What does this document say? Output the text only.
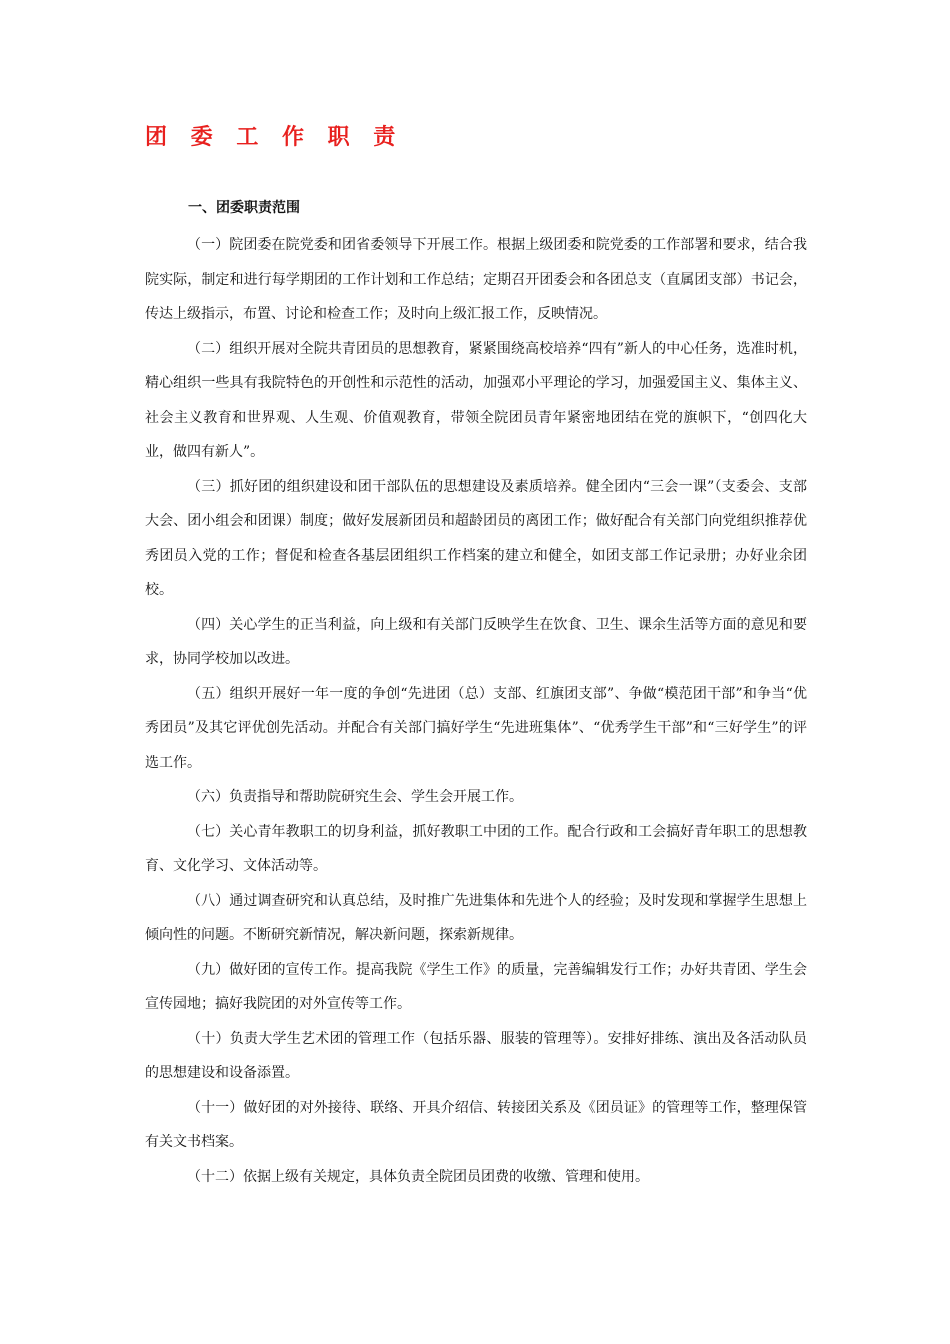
团 委 工 作 职 责
一、团委职责范围

（一）院团委在院党委和团省委领导下开展工作。根据上级团委和院党委的工作部署和要求，结合我院实际，制定和进行每学期团的工作计划和工作总结；定期召开团委会和各团总支（直属团支部）书记会，传达上级指示，布置、讨论和检查工作；及时向上级汇报工作，反映情况。

（二）组织开展对全院共青团员的思想教育，紧紧围绕高校培养“四有”新人的中心任务，选准时机，精心组织一些具有我院特色的开创性和示范性的活动，加强邓小平理论的学习，加强爱国主义、集体主义、社会主义教育和世界观、人生观、价值观教育，带领全院团员青年紧密地团结在党的旗帜下，“创四化大业，做四有新人”。

（三）抓好团的组织建设和团干部队伍的思想建设及素质培养。健全团内“三会一课”（支委会、支部大会、团小组会和团课）制度；做好发展新团员和超龄团员的离团工作；做好配合有关部门向党组织推荐优秀团员入党的工作；督促和检查各基层团组织工作档案的建立和健全，如团支部工作记录册；办好业余团校。

（四）关心学生的正当利益，向上级和有关部门反映学生在饮食、卫生、课余生活等方面的意见和要求，协同学校加以改进。

（五）组织开展好一年一度的争创“先进团（总）支部、红旗团支部”、争做“模范团干部”和争当“优秀团员”及其它评优创先活动。并配合有关部门搞好学生“先进班集体”、“优秀学生干部”和“三好学生”的评选工作。

（六）负责指导和帮助院研究生会、学生会开展工作。

（七）关心青年教职工的切身利益，抓好教职工中团的工作。配合行政和工会搞好青年职工的思想教育、文化学习、文体活动等。

（八）通过调查研究和认真总结，及时推广先进集体和先进个人的经验；及时发现和掌握学生思想上倾向性的问题。不断研究新情况，解决新问题，探索新规律。

（九）做好团的宣传工作。提高我院《学生工作》的质量，完善编辑发行工作；办好共青团、学生会宣传园地；搞好我院团的对外宣传等工作。

（十）负责大学生艺术团的管理工作（包括乐器、服装的管理等）。安排好排练、演出及各活动队员的思想建设和设备添置。

（十一）做好团的对外接待、联络、开具介绍信、转接团关系及《团员证》的管理等工作，整理保管有关文书档案。

（十二）依据上级有关规定，具体负责全院团员团费的收缴、管理和使用。
